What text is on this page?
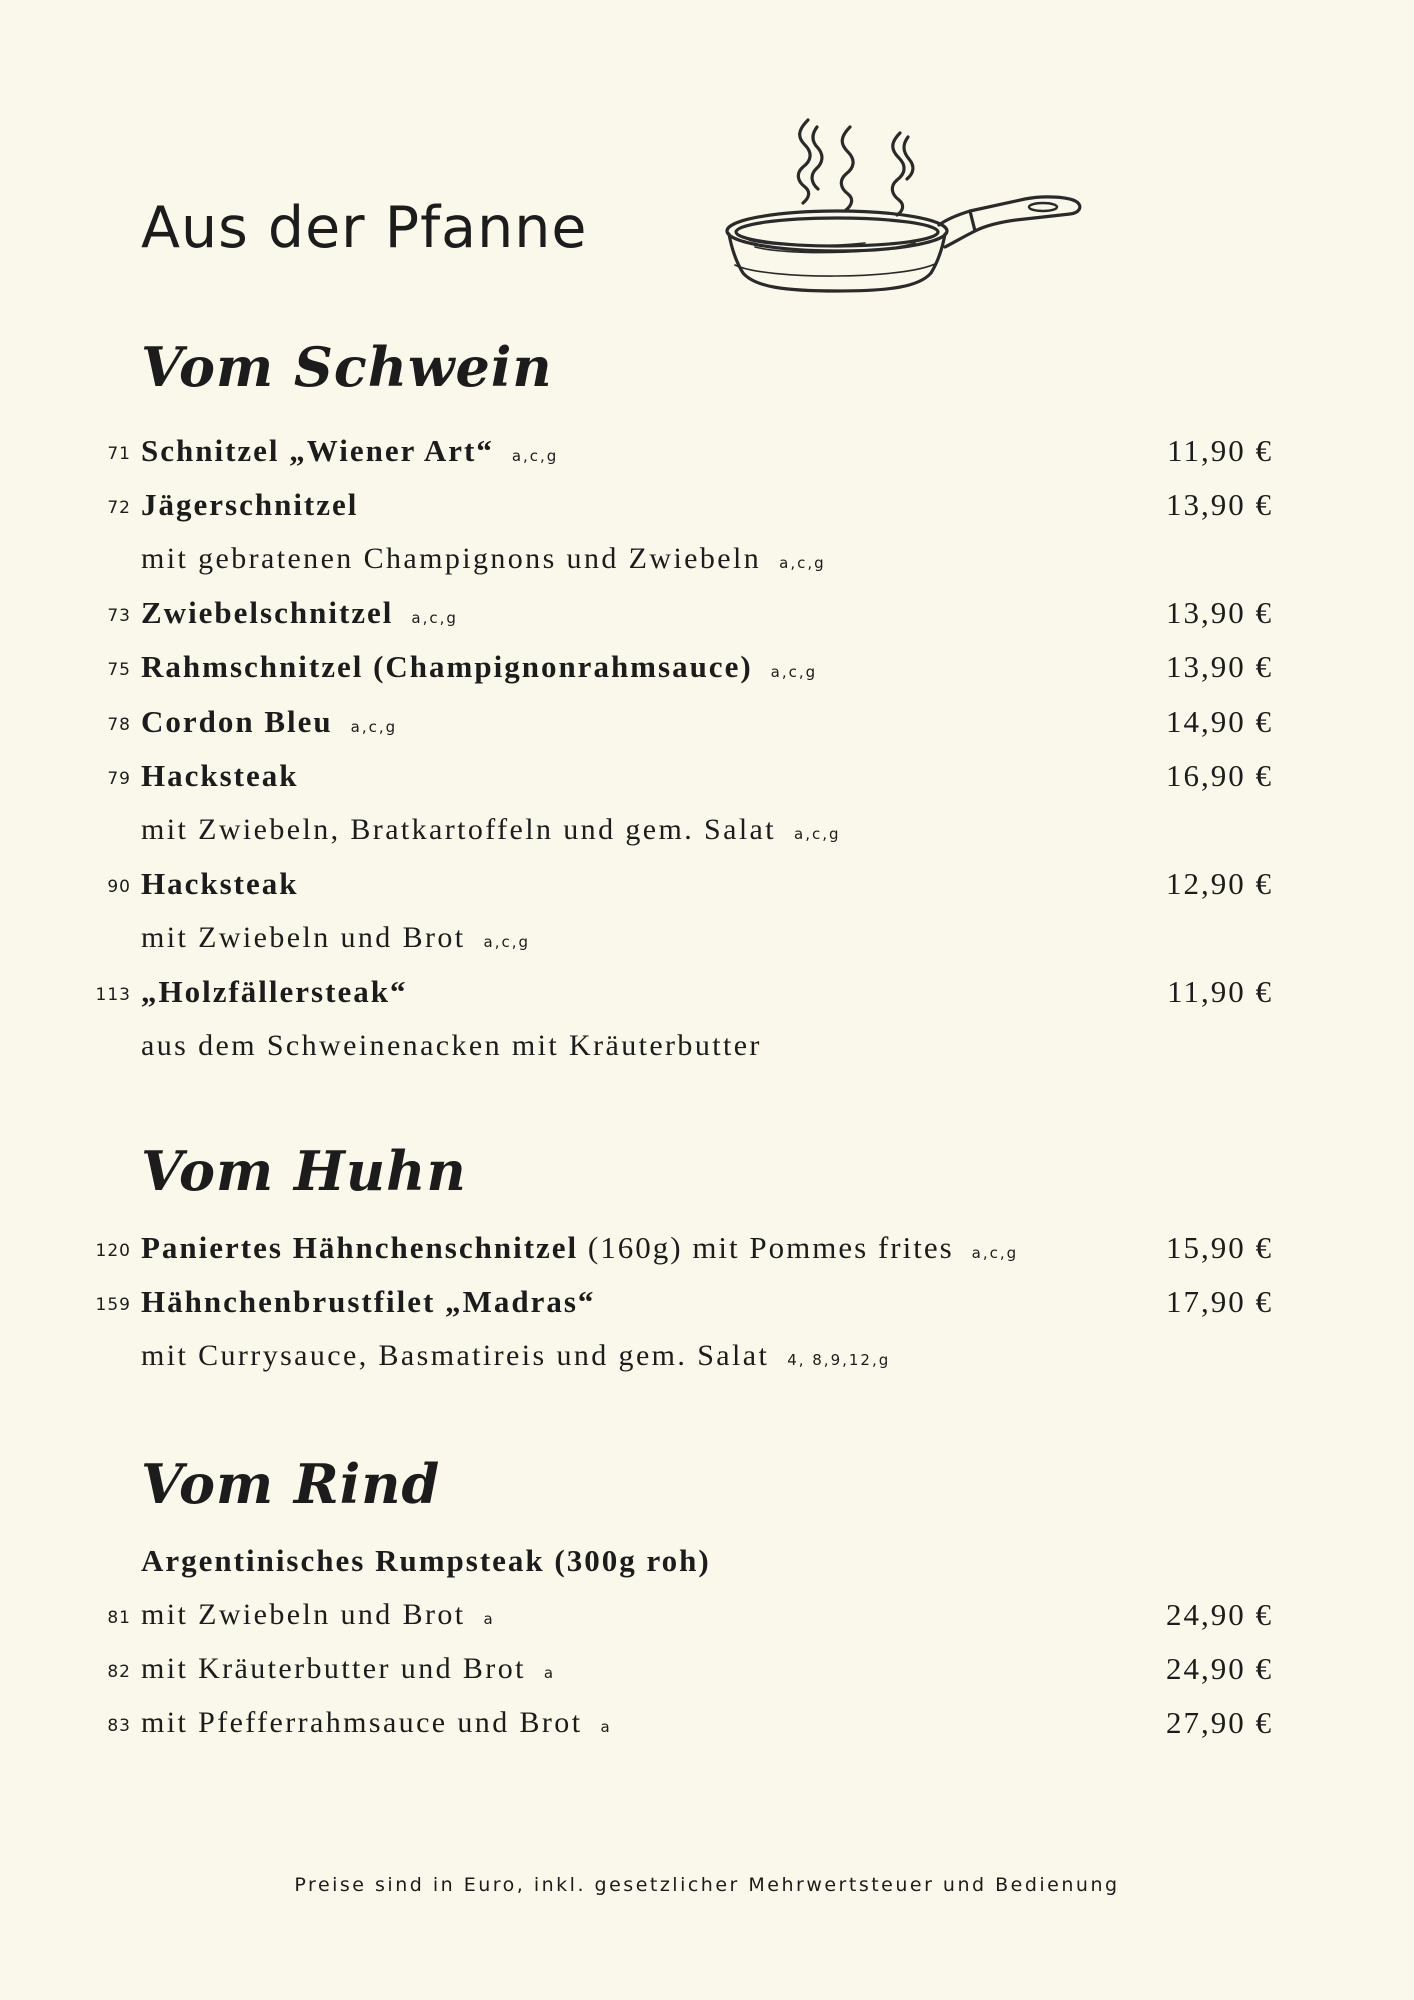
Aus der Pfanne
Vom Schwein
71 Schnitzel „Wiener Art“ a,c,g	11,90 €
72 Jägerschnitzel	13,90 €
mit gebratenen Champignons und Zwiebeln a,c,g
73 Zwiebelschnitzel a,c,g	13,90 €
75 Rahmschnitzel (Champignonrahmsauce) a,c,g	13,90 €
78 Cordon Bleu a,c,g	14,90 €
79 Hacksteak	16,90 €
mit Zwiebeln, Bratkartoffeln und gem. Salat a,c,g
90 Hacksteak	12,90 €
mit Zwiebeln und Brot a,c,g
113 „Holzfällersteak“	11,90 €
aus dem Schweinenacken mit Kräuterbutter
Vom Huhn
120 Paniertes Hähnchenschnitzel (160g) mit Pommes frites a,c,g	15,90 €
159 Hähnchenbrustfilet „Madras“	17,90 €
mit Currysauce, Basmatireis und gem. Salat 4, 8,9,12,g
Vom Rind
Argentinisches Rumpsteak (300g roh)
81 mit Zwiebeln und Brot a	24,90 €
82 mit Kräuterbutter und Brot a	24,90 €
83 mit Pfefferrahmsauce und Brot a	27,90 €
Preise sind in Euro, inkl. gesetzlicher Mehrwertsteuer und Bedienung
